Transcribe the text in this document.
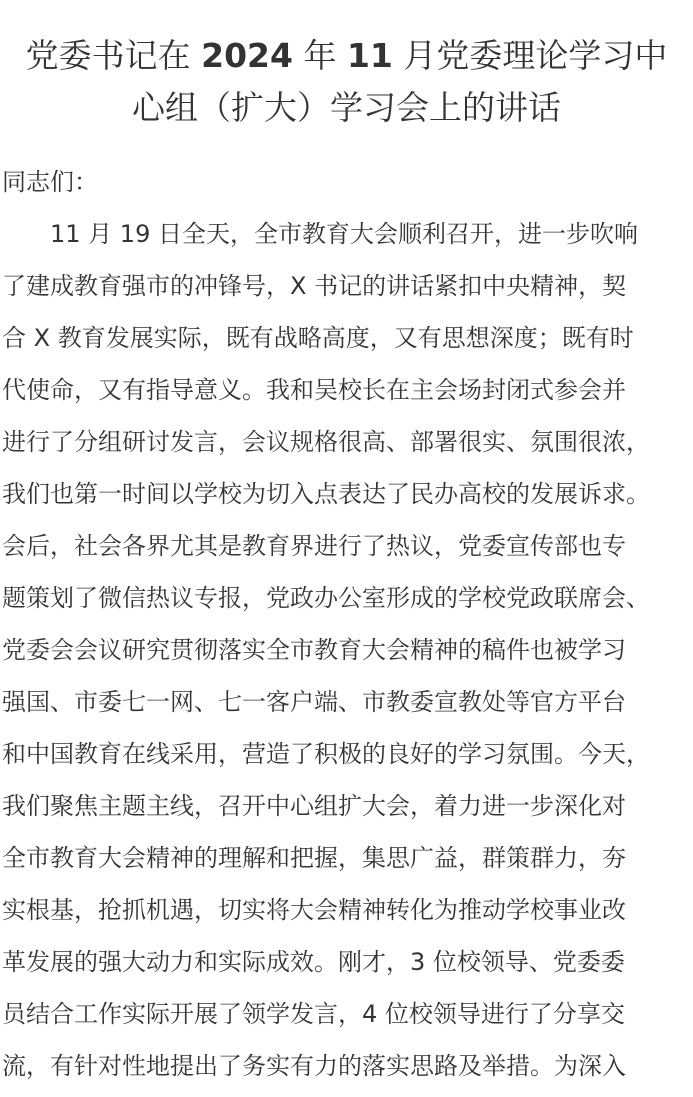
党委书记在 2024 年 11 月党委理论学习中
心组（扩大）学习会上的讲话

同志们：

　　11 月 19 日全天，全市教育大会顺利召开，进一步吹响

了建成教育强市的冲锋号，X 书记的讲话紧扣中央精神，契

合 X 教育发展实际，既有战略高度，又有思想深度；既有时

代使命，又有指导意义。我和吴校长在主会场封闭式参会并

进行了分组研讨发言，会议规格很高、部署很实、氛围很浓，

我们也第一时间以学校为切入点表达了民办高校的发展诉求。

会后，社会各界尤其是教育界进行了热议，党委宣传部也专

题策划了微信热议专报，党政办公室形成的学校党政联席会、

党委会会议研究贯彻落实全市教育大会精神的稿件也被学习

强国、市委七一网、七一客户端、市教委宣教处等官方平台

和中国教育在线采用，营造了积极的良好的学习氛围。今天，

我们聚焦主题主线，召开中心组扩大会，着力进一步深化对

全市教育大会精神的理解和把握，集思广益，群策群力，夯

实根基，抢抓机遇，切实将大会精神转化为推动学校事业改

革发展的强大动力和实际成效。刚才，3 位校领导、党委委

员结合工作实际开展了领学发言，4 位校领导进行了分享交

流，有针对性地提出了务实有力的落实思路及举措。为深入
